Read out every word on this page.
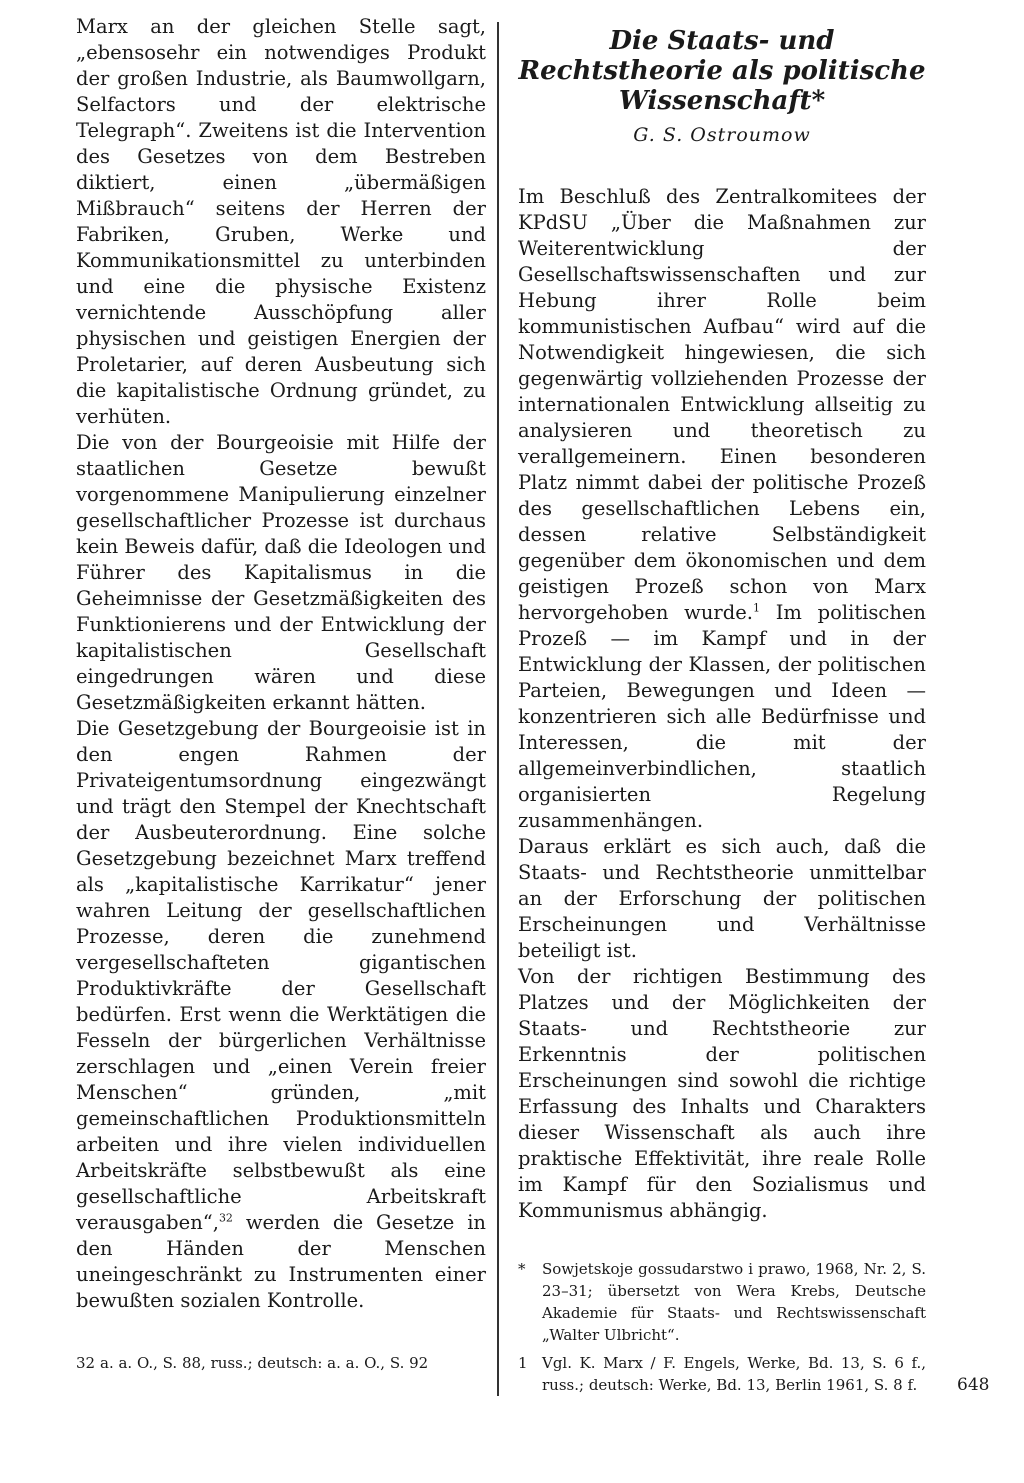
Marx an der gleichen Stelle sagt, „ebensosehr ein notwendiges Produkt der großen Industrie, als Baumwollgarn, Selfactors und der elektrische Telegraph“. Zweitens ist die Intervention des Gesetzes von dem Bestreben diktiert, einen „übermäßigen Mißbrauch“ seitens der Herren der Fabriken, Gruben, Werke und Kommunikationsmittel zu unterbinden und eine die physische Existenz vernichtende Ausschöpfung aller physischen und geistigen Energien der Proletarier, auf deren Ausbeutung sich die kapitalistische Ordnung gründet, zu verhüten.

Die von der Bourgeoisie mit Hilfe der staatlichen Gesetze bewußt vorgenommene Manipulierung einzelner gesellschaftlicher Prozesse ist durchaus kein Beweis dafür, daß die Ideologen und Führer des Kapitalismus in die Geheimnisse der Gesetzmäßigkeiten des Funktionierens und der Entwicklung der kapitalistischen Gesellschaft eingedrungen wären und diese Gesetzmäßigkeiten erkannt hätten.

Die Gesetzgebung der Bourgeoisie ist in den engen Rahmen der Privateigentumsordnung eingezwängt und trägt den Stempel der Knechtschaft der Ausbeuterordnung. Eine solche Gesetzgebung bezeichnet Marx treffend als „kapitalistische Karrikatur“ jener wahren Leitung der gesellschaftlichen Prozesse, deren die zunehmend vergesellschafteten gigantischen Produktivkräfte der Gesellschaft bedürfen. Erst wenn die Werktätigen die Fesseln der bürgerlichen Verhältnisse zerschlagen und „einen Verein freier Menschen“ gründen, „mit gemeinschaftlichen Produktionsmitteln arbeiten und ihre vielen individuellen Arbeitskräfte selbstbewußt als eine gesellschaftliche Arbeitskraft verausgaben“,$^{32}$ werden die Gesetze in den Händen der Menschen uneingeschränkt zu Instrumenten einer bewußten sozialen Kontrolle.

32 a. a. O., S. 88, russ.; deutsch: a. a. O., S. 92
Die Staats- und Rechtstheorie als politische Wissenschaft*
G. S. Ostroumow

Im Beschluß des Zentralkomitees der KPdSU „Über die Maßnahmen zur Weiterentwicklung der Gesellschaftswissenschaften und zur Hebung ihrer Rolle beim kommunistischen Aufbau“ wird auf die Notwendigkeit hingewiesen, die sich gegenwärtig vollziehenden Prozesse der internationalen Entwicklung allseitig zu analysieren und theoretisch zu verallgemeinern. Einen besonderen Platz nimmt dabei der politische Prozeß des gesellschaftlichen Lebens ein, dessen relative Selbständigkeit gegenüber dem ökonomischen und dem geistigen Prozeß schon von Marx hervorgehoben wurde.$^1$ Im politischen Prozeß — im Kampf und in der Entwicklung der Klassen, der politischen Parteien, Bewegungen und Ideen — konzentrieren sich alle Bedürfnisse und Interessen, die mit der allgemeinverbindlichen, staatlich organisierten Regelung zusammenhängen.

Daraus erklärt es sich auch, daß die Staats- und Rechtstheorie unmittelbar an der Erforschung der politischen Erscheinungen und Verhältnisse beteiligt ist.

Von der richtigen Bestimmung des Platzes und der Möglichkeiten der Staats- und Rechtstheorie zur Erkenntnis der politischen Erscheinungen sind sowohl die richtige Erfassung des Inhalts und Charakters dieser Wissenschaft als auch ihre praktische Effektivität, ihre reale Rolle im Kampf für den Sozialismus und Kommunismus abhängig.

*	Sowjetskoje gossudarstwo i prawo, 1968, Nr. 2, S. 23–31; übersetzt von Wera Krebs, Deutsche Akademie für Staats- und Rechtswissenschaft „Walter Ulbricht“.
1 Vgl. K. Marx / F. Engels, Werke, Bd. 13, S. 6 f., russ.; deutsch: Werke, Bd. 13, Berlin 1961, S. 8 f.	648
